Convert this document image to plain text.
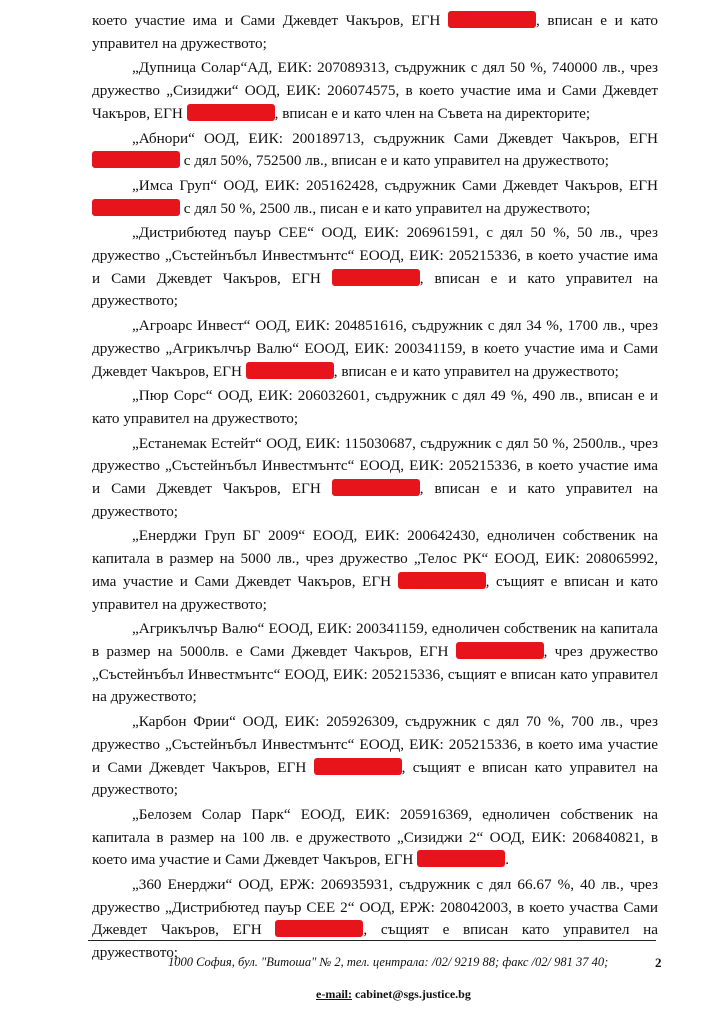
което участие има и Сами Джевдет Чакъров, ЕГН	, вписан е и като управител на дружеството;

„Дупница Солар“АД, ЕИК: 207089313, съдружник с дял 50 %, 740000 лв., чрез дружество „Сизиджи“ ООД, ЕИК: 206074575, в което участие има и Сами Джевдет Чакъров, ЕГН	, вписан е и като член на Съвета на директорите;

„Абнори“ ООД, ЕИК: 200189713, съдружник Сами Джевдет Чакъров, ЕГН  с дял 50%, 752500 лв., вписан е и като управител на дружеството;

„Имса Груп“ ООД, ЕИК: 205162428, съдружник Сами Джевдет Чакъров, ЕГН  с дял 50 %, 2500 лв., писан е и като управител на дружеството;

„Дистрибютед пауър СЕЕ“ ООД, ЕИК: 206961591, с дял 50 %, 50 лв., чрез дружество „Състейнъбъл Инвестмънтс“ ЕООД, ЕИК: 205215336, в което участие има и Сами Джевдет Чакъров, ЕГН	, вписан е и като управител на дружеството;

„Агроарс Инвест“ ООД, ЕИК: 204851616, съдружник с дял 34 %, 1700 лв., чрез дружество „Агрикълчър Валю“ ЕООД, ЕИК: 200341159, в което участие има и Сами Джевдет Чакъров, ЕГН	, вписан е и като управител на дружеството;

„Пюр Сорс“ ООД, ЕИК: 206032601, съдружник с дял 49 %, 490 лв., вписан е и като управител на дружеството;

„Естанемак Естейт“ ООД, ЕИК: 115030687, съдружник с дял 50 %, 2500лв., чрез дружество „Състейнъбъл Инвестмънтс“ ЕООД, ЕИК: 205215336, в което участие има и Сами Джевдет Чакъров, ЕГН	, вписан е и като управител на дружеството;

„Енерджи Груп БГ 2009“ ЕООД, ЕИК: 200642430, едноличен собственик на капитала в размер на 5000 лв., чрез дружество „Телос РК“ ЕООД, ЕИК: 208065992, има участие и Сами Джевдет Чакъров, ЕГН	, същият е вписан и като управител на дружеството;

„Агрикълчър Валю“ ЕООД, ЕИК: 200341159, едноличен собственик на капитала в размер на 5000лв. е Сами Джевдет Чакъров, ЕГН	, чрез дружество „Състейнъбъл Инвестмънтс“ ЕООД, ЕИК: 205215336, същият е вписан като управител на дружеството;

„Карбон Фрии“ ООД, ЕИК: 205926309, съдружник с дял 70 %, 700 лв., чрез дружество „Състейнъбъл Инвестмънтс“ ЕООД, ЕИК: 205215336, в което има участие и Сами Джевдет Чакъров, ЕГН	, същият е вписан като управител на дружеството;

„Белозем Солар Парк“ ЕООД, ЕИК: 205916369, едноличен собственик на капитала в размер на 100 лв. е дружеството „Сизиджи 2“ ООД, ЕИК: 206840821, в което има участие и Сами Джевдет Чакъров, ЕГН	.

„360 Енерджи“ ООД, ЕРЖ: 206935931, съдружник с дял 66.67 %, 40 лв., чрез дружество „Дистрибютед пауър СЕЕ 2“ ООД, ЕРЖ: 208042003, в което участва Сами Джевдет Чакъров, ЕГН	, същият е вписан като управител на дружеството;

1000 София, бул. "Витоша" № 2, тел. централа: /02/ 9219 88; факс /02/ 981 37 40;	2
e-mail: cabinet@sgs.justice.bg
